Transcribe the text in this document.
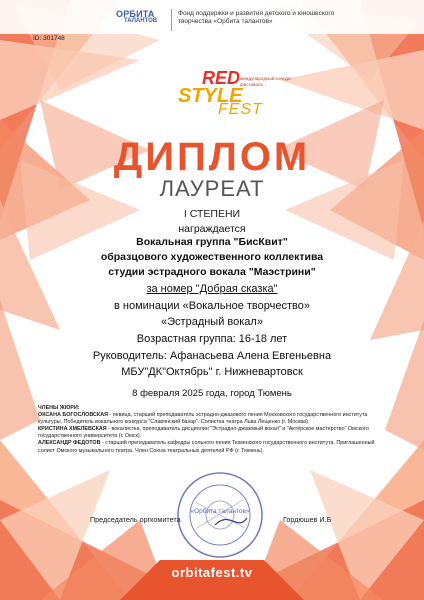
ОРБИТА
ТАЛАНТОВ
Фонд поддержки и развития детского и юношеского творчества «Орбита талантов»
ID: 301748
RED международный конкурс-фестиваль
STYLE
FEST
ДИПЛОМ
ЛАУРЕАТ
I СТЕПЕНИ
награждается
Вокальная группа "БисКвит"
образцового художественного коллектива
студии эстрадного вокала "Маэстрини"
за номер "Добрая сказка"
в номинации «Вокальное творчество»
«Эстрадный вокал»
Возрастная группа: 16-18 лет
Руководитель: Афанасьева Алена Евгеньевна
МБУ"ДК"Октябрь" г. Нижневартовск
8 февраля 2025 года, город Тюмень
ЧЛЕНЫ ЖЮРИ:
ОКСАНА БОГОСЛОВСКАЯ - певица, старший преподаватель эстрадно-джазового пения Московского государственного института культуры. Победитель вокального конкурса "Славянский базар". Солистка театра Льва Лещенко (г. Москва).
КРИСТИНА ХМЕЛЕВСКАЯ - вокалистка, преподаватель дисциплин "Эстрадно-джазовый вокал" и "Актёрское мастерство" Омского государственного университета (г. Омск).
АЛЕКСАНДР ФЕДОТОВ - старший преподаватель кафедры сольного пения Тюменского государственного института. Приглашенный солист Омского музыкального театра. Член Союза театральных деятелей РФ (г. Тюмень).
«Орбита талантов»
Председатель оргкомитета	Гордюшев И.Б
orbitafest.tv
